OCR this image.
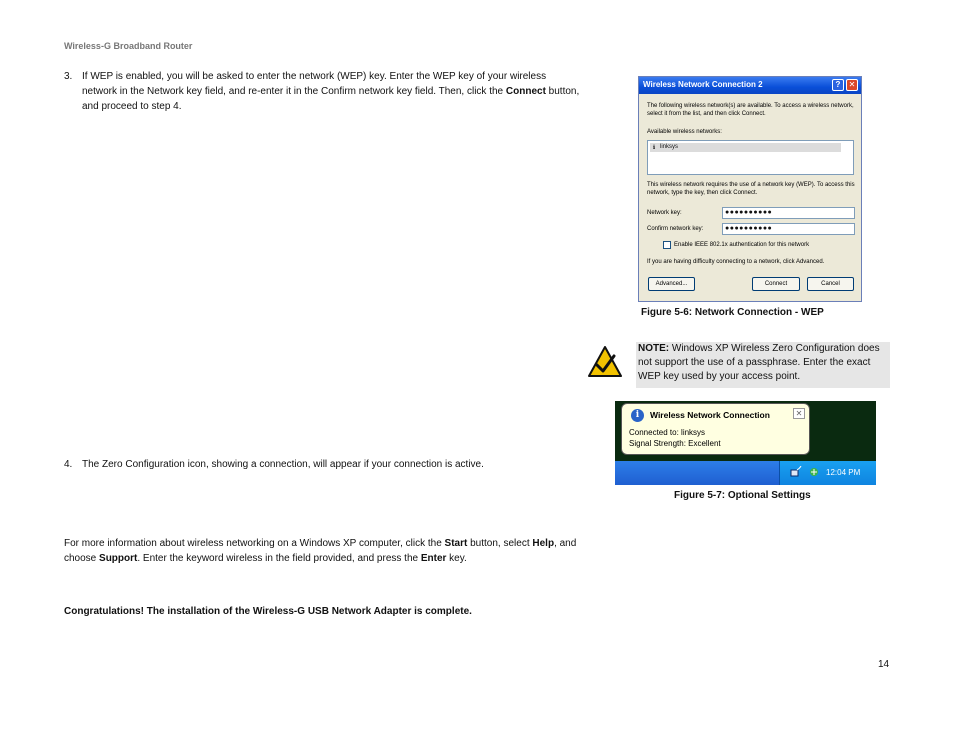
Wireless-G Broadband Router
3. If WEP is enabled, you will be asked to enter the network (WEP) key. Enter the WEP key of your wireless network in the Network key field, and re-enter it in the Confirm network key field. Then, click the Connect button, and proceed to step 4.
4. The Zero Configuration icon, showing a connection, will appear if your connection is active.
For more information about wireless networking on a Windows XP computer, click the Start button, select Help, and choose Support. Enter the keyword wireless in the field provided, and press the Enter key.
Congratulations! The installation of the Wireless-G USB Network Adapter is complete.
Wireless Network Connection 2	?	✕
The following wireless network(s) are available. To access a wireless network, select it from the list, and then click Connect.
Available wireless networks:
ℹ linksys
This wireless network requires the use of a network key (WEP). To access this network, type the key, then click Connect.
Network key:	●●●●●●●●●●
Confirm network key:	●●●●●●●●●●
Enable IEEE 802.1x authentication for this network
If you are having difficulty connecting to a network, click Advanced.
Advanced...	Connect	Cancel
Figure 5-6: Network Connection - WEP
NOTE: Windows XP Wireless Zero Configuration does not support the use of a passphrase. Enter the exact WEP key used by your access point.
i	Wireless Network Connection	✕
Connected to: linksys
Signal Strength: Excellent
12:04 PM
Figure 5-7: Optional Settings
14
